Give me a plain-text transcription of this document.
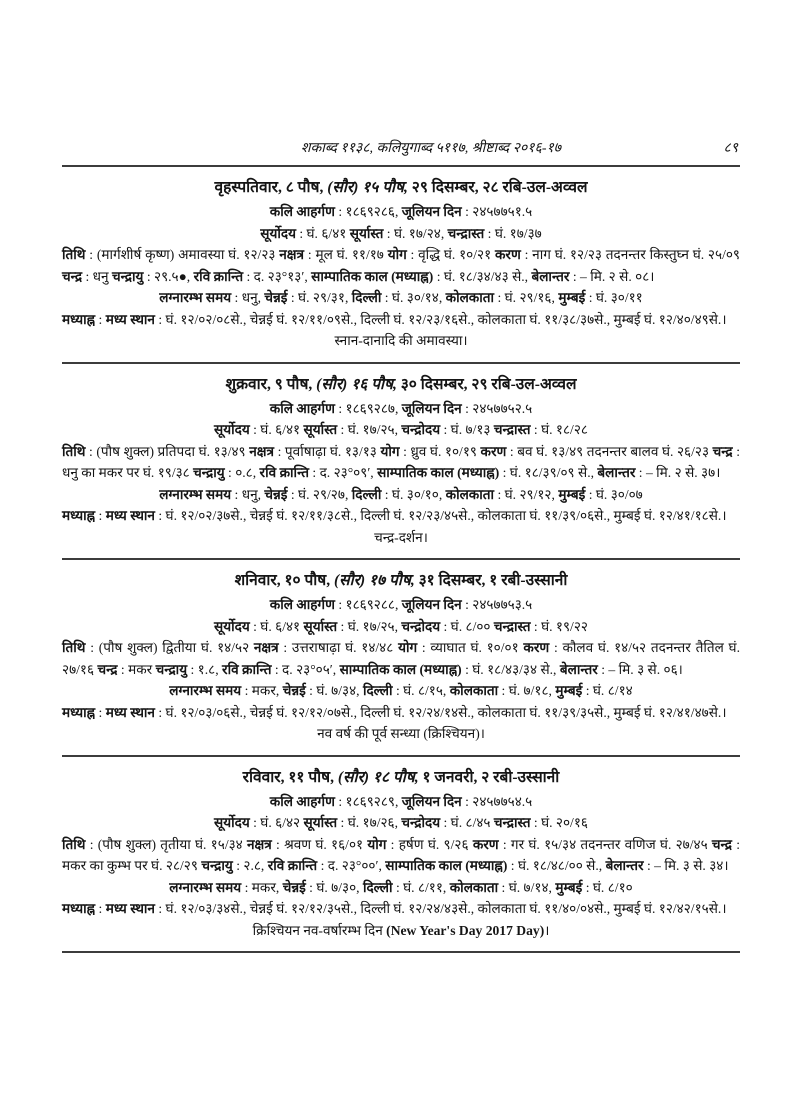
शकाब्द ११३८, कलियुगाब्द ५११७, श्रीष्टाब्द २०१६-१७	८९
वृहस्पतिवार, ८ पौष, (सौर) १५ पौष, २९ दिसम्बर, २८ रबि-उल-अव्वल
कलि आहर्गण : १८६९२८६, जूलियन दिन : २४५७७५१.५
सूर्योदय : घं. ६/४१ सूर्यास्त : घं. १७/२४, चन्द्रास्त : घं. १७/३७
तिथि : (मार्गशीर्ष कृष्ण) अमावस्या घं. १२/२३ नक्षत्र : मूल घं. ११/१७ योग : वृद्धि घं. १०/२१ करण : नाग घं. १२/२३ तदनन्तर किस्तुघ्न घं. २५/०९ चन्द्र : धनु चन्द्रायु : २९.५●, रवि क्रान्ति : द. २३°१३′, साम्पातिक काल (मध्याह्न) : घं. १८/३४/४३ से., बेलान्तर : – मि. २ से. ०८।
लग्नारम्भ समय : धनु, चेन्नई : घं. २९/३१, दिल्ली : घं. ३०/१४, कोलकाता : घं. २९/१६, मुम्बई : घं. ३०/११
मध्याह्न : मध्य स्थान : घं. १२/०२/०८से., चेन्नई घं. १२/११/०९से., दिल्ली घं. १२/२३/१६से., कोलकाता घं. ११/३८/३७से., मुम्बई घं. १२/४०/४९से.।
स्नान-दानादि की अमावस्या।
शुक्रवार, ९ पौष, (सौर) १६ पौष, ३० दिसम्बर, २९ रबि-उल-अव्वल
कलि आहर्गण : १८६९२८७, जूलियन दिन : २४५७७५२.५
सूर्योदय : घं. ६/४१ सूर्यास्त : घं. १७/२५, चन्द्रोदय : घं. ७/१३ चन्द्रास्त : घं. १८/२८
तिथि : (पौष शुक्ल) प्रतिपदा घं. १३/४९ नक्षत्र : पूर्वाषाढ़ा घं. १३/१३ योग : ध्रुव घं. १०/१९ करण : बव घं. १३/४९ तदनन्तर बालव घं. २६/२३ चन्द्र : धनु का मकर पर घं. १९/३८ चन्द्रायु : ०.८, रवि क्रान्ति : द. २३°०९′, साम्पातिक काल (मध्याह्न) : घं. १८/३९/०९ से., बेलान्तर : – मि. २ से. ३७।
लग्नारम्भ समय : धनु, चेन्नई : घं. २९/२७, दिल्ली : घं. ३०/१०, कोलकाता : घं. २९/१२, मुम्बई : घं. ३०/०७
मध्याह्न : मध्य स्थान : घं. १२/०२/३७से., चेन्नई घं. १२/११/३८से., दिल्ली घं. १२/२३/४५से., कोलकाता घं. ११/३९/०६से., मुम्बई घं. १२/४१/१८से.।
चन्द्र-दर्शन।
शनिवार, १० पौष, (सौर) १७ पौष, ३१ दिसम्बर, १ रबी-उस्सानी
कलि आहर्गण : १८६९२८८, जूलियन दिन : २४५७७५३.५
सूर्योदय : घं. ६/४१ सूर्यास्त : घं. १७/२५, चन्द्रोदय : घं. ८/०० चन्द्रास्त : घं. १९/२२
तिथि : (पौष शुक्ल) द्वितीया घं. १४/५२ नक्षत्र : उत्तराषाढ़ा घं. १४/४८ योग : व्याघात घं. १०/०१ करण : कौलव घं. १४/५२ तदनन्तर तैतिल घं. २७/१६ चन्द्र : मकर चन्द्रायु : १.८, रवि क्रान्ति : द. २३°०५′, साम्पातिक काल (मध्याह्न) : घं. १८/४३/३४ से., बेलान्तर : – मि. ३ से. ०६।
लग्नारम्भ समय : मकर, चेन्नई : घं. ७/३४, दिल्ली : घं. ८/१५, कोलकाता : घं. ७/१८, मुम्बई : घं. ८/१४
मध्याह्न : मध्य स्थान : घं. १२/०३/०६से., चेन्नई घं. १२/१२/०७से., दिल्ली घं. १२/२४/१४से., कोलकाता घं. ११/३९/३५से., मुम्बई घं. १२/४१/४७से.।
नव वर्ष की पूर्व सन्ध्या (क्रिश्चियन)।
रविवार, ११ पौष, (सौर) १८ पौष, १ जनवरी, २ रबी-उस्सानी
कलि आहर्गण : १८६९२८९, जूलियन दिन : २४५७७५४.५
सूर्योदय : घं. ६/४२ सूर्यास्त : घं. १७/२६, चन्द्रोदय : घं. ८/४५ चन्द्रास्त : घं. २०/१६
तिथि : (पौष शुक्ल) तृतीया घं. १५/३४ नक्षत्र : श्रवण घं. १६/०१ योग : हर्षण घं. ९/२६ करण : गर घं. १५/३४ तदनन्तर वणिज घं. २७/४५ चन्द्र : मकर का कुम्भ पर घं. २८/२९ चन्द्रायु : २.८, रवि क्रान्ति : द. २३°००′, साम्पातिक काल (मध्याह्न) : घं. १८/४८/०० से., बेलान्तर : – मि. ३ से. ३४।
लग्नारम्भ समय : मकर, चेन्नई : घं. ७/३०, दिल्ली : घं. ८/११, कोलकाता : घं. ७/१४, मुम्बई : घं. ८/१०
मध्याह्न : मध्य स्थान : घं. १२/०३/३४से., चेन्नई घं. १२/१२/३५से., दिल्ली घं. १२/२४/४३से., कोलकाता घं. ११/४०/०४से., मुम्बई घं. १२/४२/१५से.।
क्रिश्चियन नव-वर्षारम्भ दिन (New Year's Day 2017 Day)।
